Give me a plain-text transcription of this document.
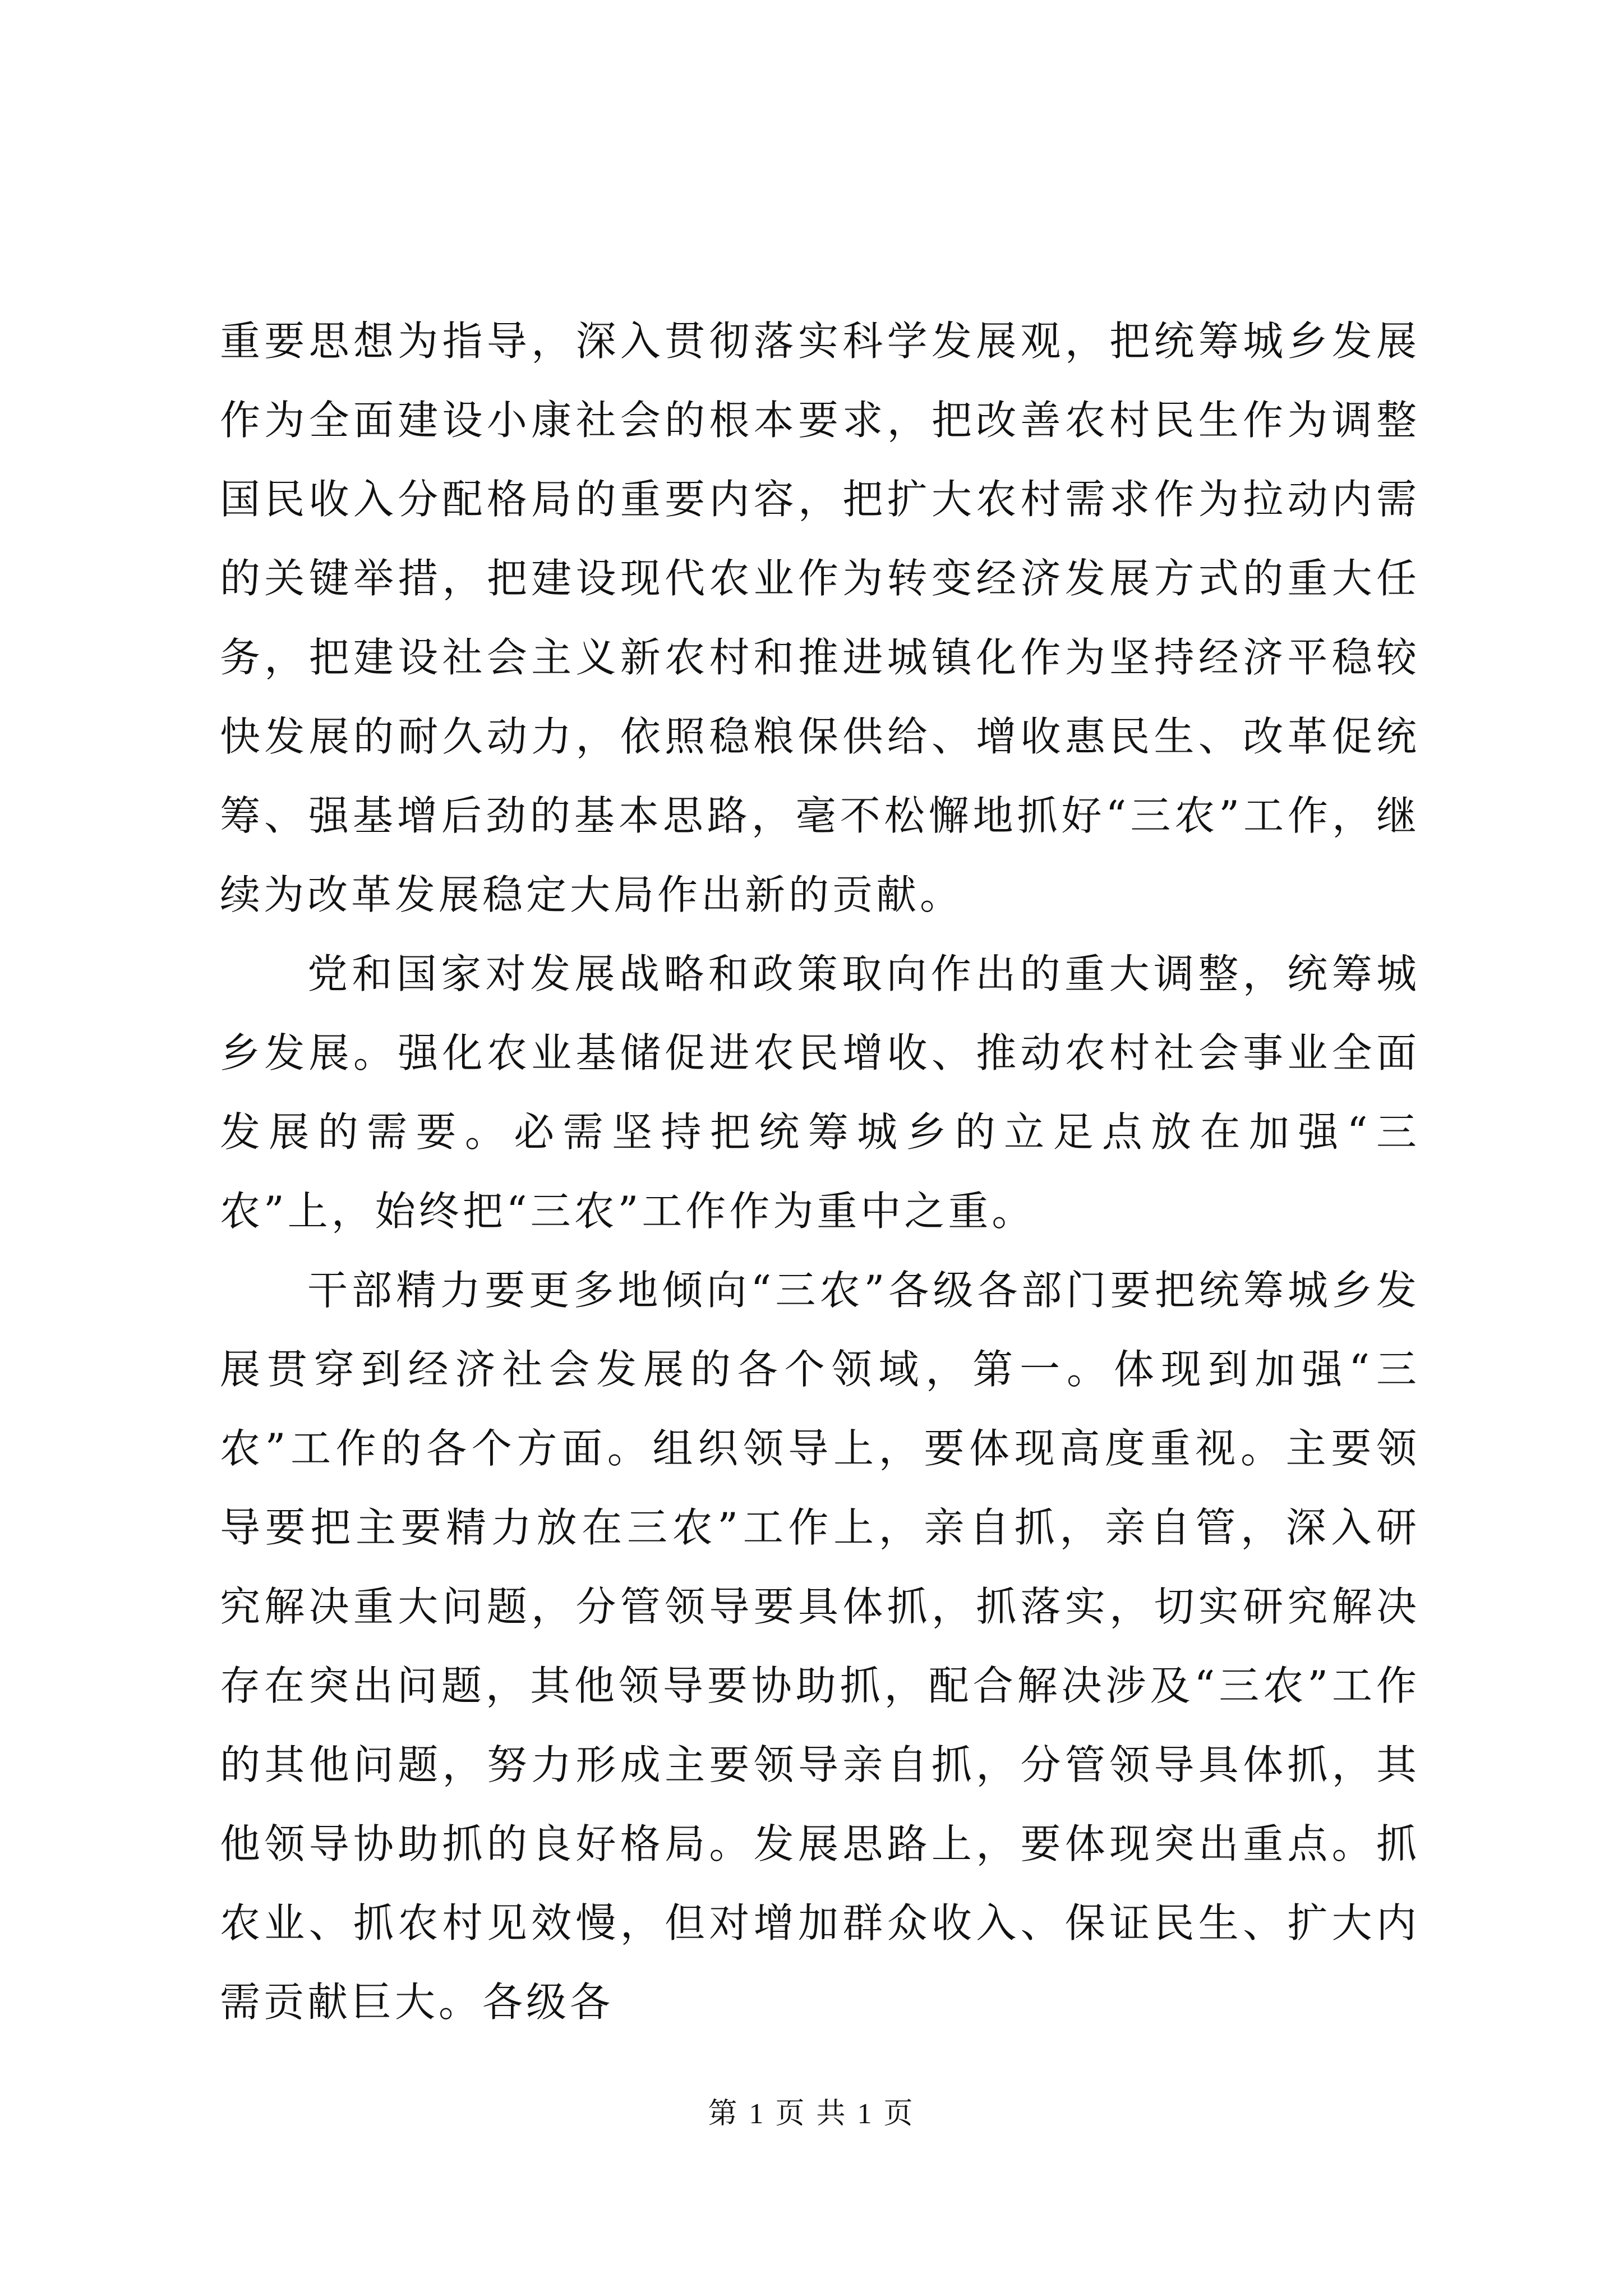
重要思想为指导，深入贯彻落实科学发展观，把统筹城乡发展作为全面建设小康社会的根本要求，把改善农村民生作为调整国民收入分配格局的重要内容，把扩大农村需求作为拉动内需的关键举措，把建设现代农业作为转变经济发展方式的重大任务，把建设社会主义新农村和推进城镇化作为坚持经济平稳较快发展的耐久动力，依照稳粮保供给、增收惠民生、改革促统筹、强基增后劲的基本思路，毫不松懈地抓好“三农”工作，继续为改革发展稳定大局作出新的贡献。

党和国家对发展战略和政策取向作出的重大调整，统筹城乡发展。强化农业基储促进农民增收、推动农村社会事业全面发展的需要。必需坚持把统筹城乡的立足点放在加强“三农”上，始终把“三农”工作作为重中之重。

干部精力要更多地倾向“三农”各级各部门要把统筹城乡发展贯穿到经济社会发展的各个领域，第一。体现到加强“三农”工作的各个方面。组织领导上，要体现高度重视。主要领导要把主要精力放在三农”工作上，亲自抓，亲自管，深入研究解决重大问题，分管领导要具体抓，抓落实，切实研究解决存在突出问题，其他领导要协助抓，配合解决涉及“三农”工作的其他问题，努力形成主要领导亲自抓，分管领导具体抓，其他领导协助抓的良好格局。发展思路上，要体现突出重点。抓农业、抓农村见效慢，但对增加群众收入、保证民生、扩大内需贡献巨大。各级各

第 1 页 共 1 页
